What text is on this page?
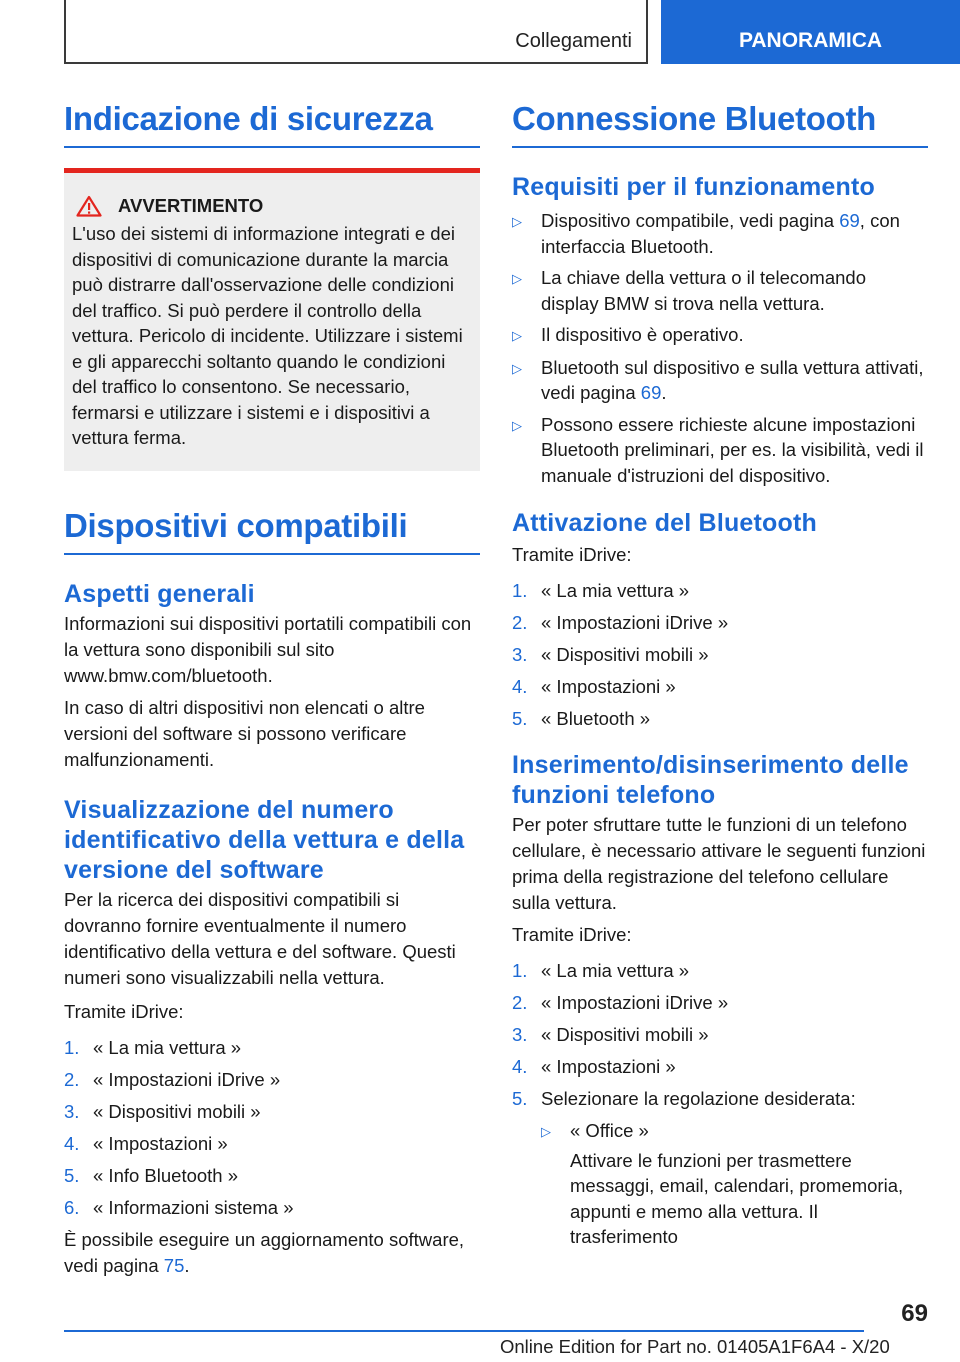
Collegamenti	PANORAMICA
Indicazione di sicurezza
AVVERTIMENTO

L'uso dei sistemi di informazione integrati e dei dispositivi di comunicazione durante la marcia può distrarre dall'osservazione delle condizioni del traffico. Si può perdere il controllo della vettura. Pericolo di incidente. Utilizzare i sistemi e gli apparecchi soltanto quando le condizioni del traffico lo consentono. Se necessario, fermarsi e utilizzare i sistemi e i dispositivi a vettura ferma.

Dispositivi compatibili
Aspetti generali

Informazioni sui dispositivi portatili compatibili con la vettura sono disponibili sul sito www.bmw.com/bluetooth.

In caso di altri dispositivi non elencati o altre versioni del software si possono verificare malfunzionamenti.

Visualizzazione del numero identificativo della vettura e della versione del software

Per la ricerca dei dispositivi compatibili si dovranno fornire eventualmente il numero identificativo della vettura e del software. Questi numeri sono visualizzabili nella vettura.

Tramite iDrive:

1. « La mia vettura »
2. « Impostazioni iDrive »
3. « Dispositivi mobili »
4. « Impostazioni »
5. « Info Bluetooth »
6. « Informazioni sistema »

È possibile eseguire un aggiornamento software, vedi pagina 75.

Connessione Bluetooth
Requisiti per il funzionamento
▷	Dispositivo compatibile, vedi pagina 69, con interfaccia Bluetooth.
▷	La chiave della vettura o il telecomando display BMW si trova nella vettura.
▷	Il dispositivo è operativo.
▷	Bluetooth sul dispositivo e sulla vettura attivati, vedi pagina 69.
▷	Possono essere richieste alcune impostazioni Bluetooth preliminari, per es. la visibilità, vedi il manuale d'istruzioni del dispositivo.
Attivazione del Bluetooth

Tramite iDrive:

1. « La mia vettura »
2. « Impostazioni iDrive »
3. « Dispositivi mobili »
4. « Impostazioni »
5. « Bluetooth »
Inserimento/disinserimento delle funzioni telefono

Per poter sfruttare tutte le funzioni di un telefono cellulare, è necessario attivare le seguenti funzioni prima della registrazione del telefono cellulare sulla vettura.

Tramite iDrive:

1. « La mia vettura »
2. « Impostazioni iDrive »
3. « Dispositivi mobili »
4. « Impostazioni »
5. Selezionare la regolazione desiderata:
▷	« Office »

Attivare le funzioni per trasmettere messaggi, email, calendari, promemoria, appunti e memo alla vettura. Il trasferimento
69
Online Edition for Part no. 01405A1F6A4 - X/20
